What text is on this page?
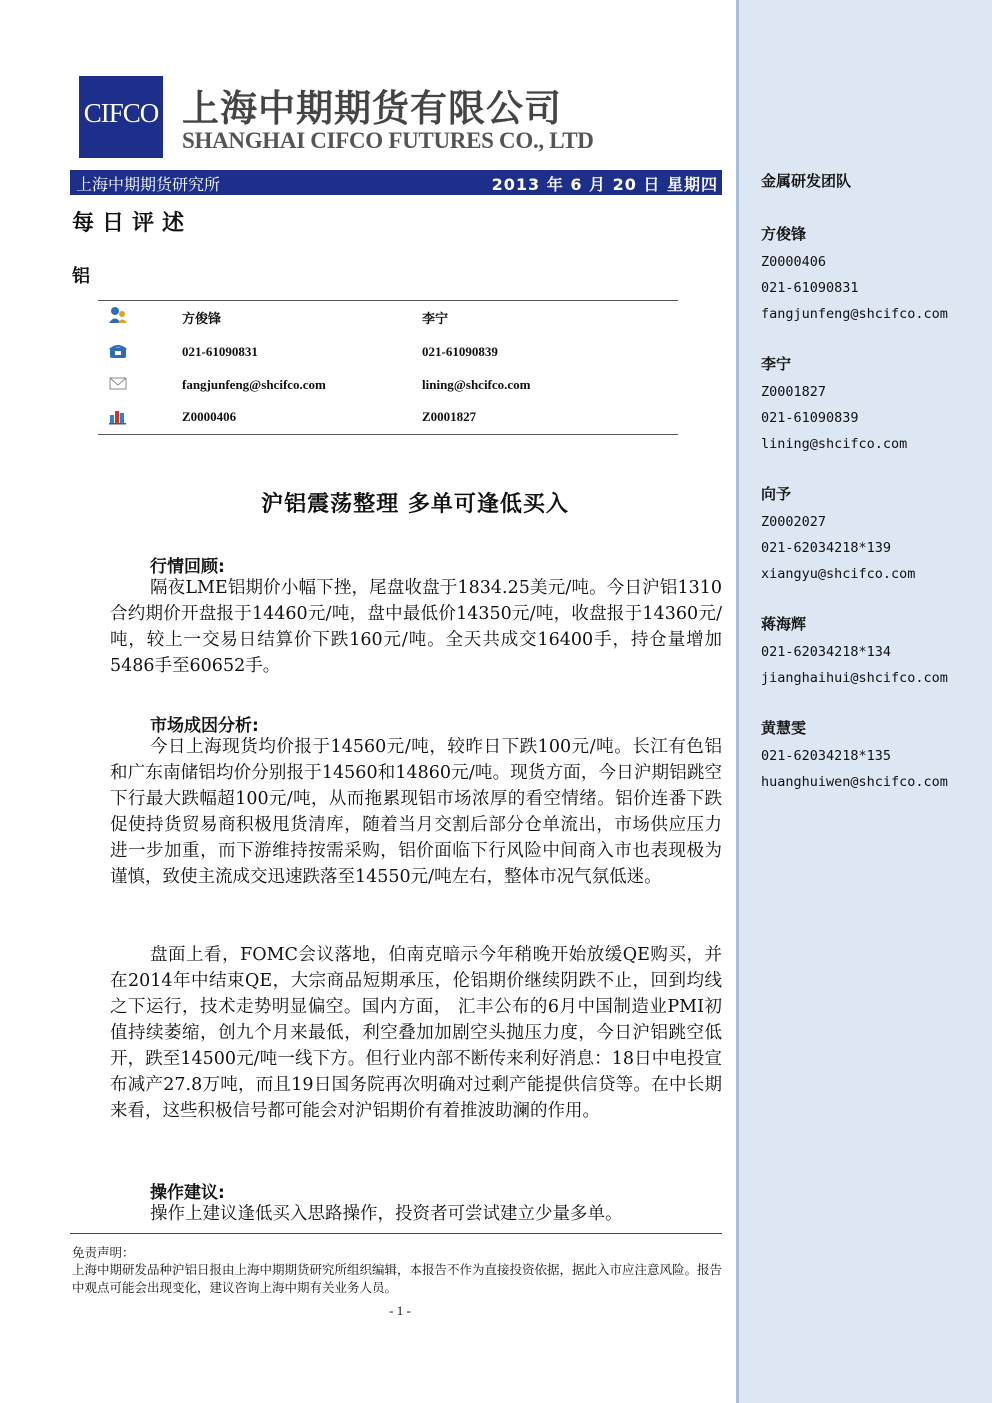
CIFCO 上海中期期货有限公司
SHANGHAI CIFCO FUTURES CO., LTD
上海中期期货研究所	2013 年 6 月 20 日 星期四
每日评述
铝
方俊锋	李宁
021-61090831	021-61090839
fangjunfeng@shcifco.com	lining@shcifco.com
Z0000406	Z0001827
沪铝震荡整理 多单可逢低买入
行情回顾:
隔夜LME铝期价小幅下挫，尾盘收盘于1834.25美元/吨。今日沪铝1310合约期价开盘报于14460元/吨，盘中最低价14350元/吨，收盘报于14360元/吨，较上一交易日结算价下跌160元/吨。全天共成交16400手，持仓量增加5486手至60652手。
市场成因分析:
今日上海现货均价报于14560元/吨，较昨日下跌100元/吨。长江有色铝和广东南储铝均价分别报于14560和14860元/吨。现货方面，今日沪期铝跳空下行最大跌幅超100元/吨，从而拖累现铝市场浓厚的看空情绪。铝价连番下跌促使持货贸易商积极甩货清库，随着当月交割后部分仓单流出，市场供应压力进一步加重，而下游维持按需采购，铝价面临下行风险中间商入市也表现极为谨慎，致使主流成交迅速跌落至14550元/吨左右，整体市况气氛低迷。
盘面上看，FOMC会议落地，伯南克暗示今年稍晚开始放缓QE购买，并在2014年中结束QE，大宗商品短期承压，伦铝期价继续阴跌不止，回到均线之下运行，技术走势明显偏空。国内方面， 汇丰公布的6月中国制造业PMI初值持续萎缩，创九个月来最低，利空叠加加剧空头抛压力度，今日沪铝跳空低开，跌至14500元/吨一线下方。但行业内部不断传来利好消息：18日中电投宣布减产27.8万吨，而且19日国务院再次明确对过剩产能提供信贷等。在中长期来看，这些积极信号都可能会对沪铝期价有着推波助澜的作用。
操作建议:
操作上建议逢低买入思路操作，投资者可尝试建立少量多单。
免责声明：
上海中期研发品种沪铝日报由上海中期期货研究所组织编辑，本报告不作为直接投资依据，据此入市应注意风险。报告中观点可能会出现变化，建议咨询上海中期有关业务人员。
- 1 -
金属研发团队
方俊锋
Z0000406
021-61090831
fangjunfeng@shcifco.com
李宁
Z0001827
021-61090839
lining@shcifco.com
向予
Z0002027
021-62034218*139
xiangyu@shcifco.com
蒋海辉
021-62034218*134
jianghaihui@shcifco.com
黄慧雯
021-62034218*135
huanghuiwen@shcifco.com
